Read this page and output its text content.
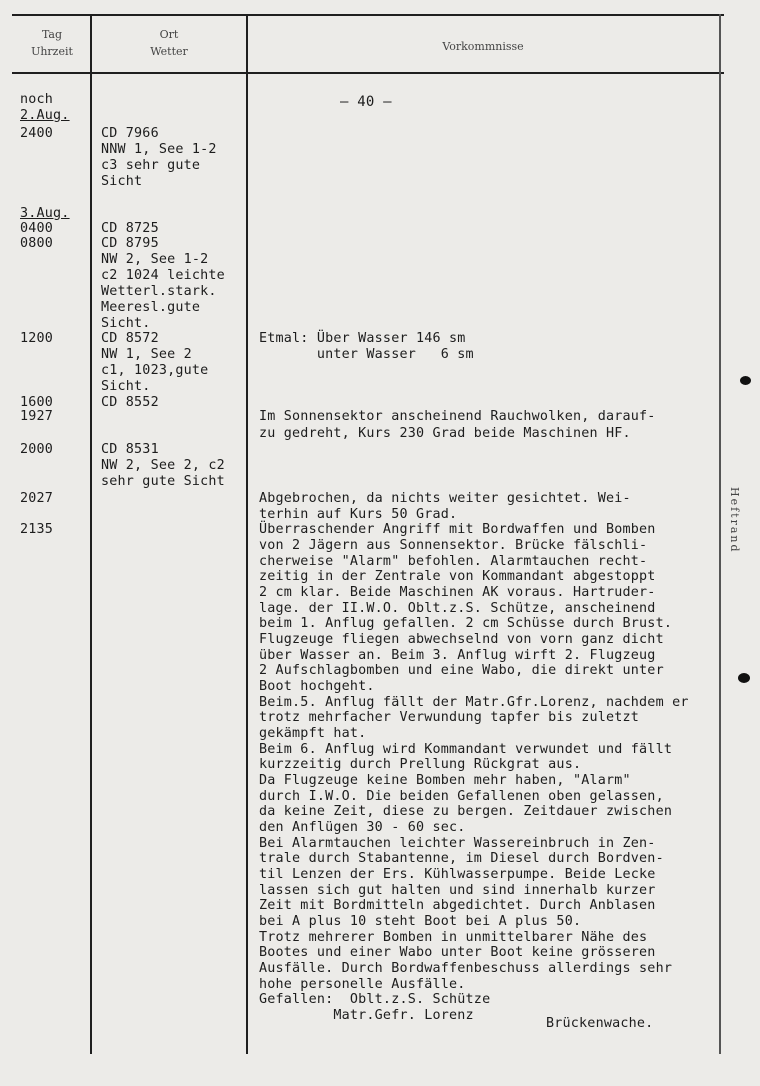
Tag
Uhrzeit
Ort
Wetter	Vorkommnisse
– 40 –
noch
2.Aug.
2400
3.Aug.
0400
0800
1200
1600
1927
2000
2027
2135
CD 7966
NNW 1, See 1-2
c3 sehr gute
Sicht
CD 8725
CD 8795
NW 2, See 1-2
c2 1024 leichte
Wetterl.stark.
Meeresl.gute
Sicht.
CD 8572
NW 1, See 2
c1, 1023,gute
Sicht.
CD 8552
CD 8531
NW 2, See 2, c2
sehr gute Sicht
Etmal: Über Wasser 146 sm
unter Wasser   6 sm
Im Sonnensektor anscheinend Rauchwolken, darauf-
zu gedreht, Kurs 230 Grad beide Maschinen HF.
Abgebrochen, da nichts weiter gesichtet. Wei-
terhin auf Kurs 50 Grad.
Überraschender Angriff mit Bordwaffen und Bomben
von 2 Jägern aus Sonnensektor. Brücke fälschli-
cherweise "Alarm" befohlen. Alarmtauchen recht-
zeitig in der Zentrale von Kommandant abgestoppt
2 cm klar. Beide Maschinen AK voraus. Hartruder-
lage. der II.W.O. Oblt.z.S. Schütze, anscheinend
beim 1. Anflug gefallen. 2 cm Schüsse durch Brust.
Flugzeuge fliegen abwechselnd von vorn ganz dicht
über Wasser an. Beim 3. Anflug wirft 2. Flugzeug
2 Aufschlagbomben und eine Wabo, die direkt unter
Boot hochgeht.
Beim.5. Anflug fällt der Matr.Gfr.Lorenz, nachdem er
trotz mehrfacher Verwundung tapfer bis zuletzt
gekämpft hat.
Beim 6. Anflug wird Kommandant verwundet und fällt
kurzzeitig durch Prellung Rückgrat aus.
Da Flugzeuge keine Bomben mehr haben, "Alarm"
durch I.W.O. Die beiden Gefallenen oben gelassen,
da keine Zeit, diese zu bergen. Zeitdauer zwischen
den Anflügen 30 - 60 sec.
Bei Alarmtauchen leichter Wassereinbruch in Zen-
trale durch Stabantenne, im Diesel durch Bordven-
til Lenzen der Ers. Kühlwasserpumpe. Beide Lecke
lassen sich gut halten und sind innerhalb kurzer
Zeit mit Bordmitteln abgedichtet. Durch Anblasen
bei A plus 10 steht Boot bei A plus 50.
Trotz mehrerer Bomben in unmittelbarer Nähe des
Bootes und einer Wabo unter Boot keine grösseren
Ausfälle. Durch Bordwaffenbeschuss allerdings sehr
hohe personelle Ausfälle.
Gefallen:  Oblt.z.S. Schütze
Matr.Gefr. Lorenz
Brückenwache.
Heftrand
